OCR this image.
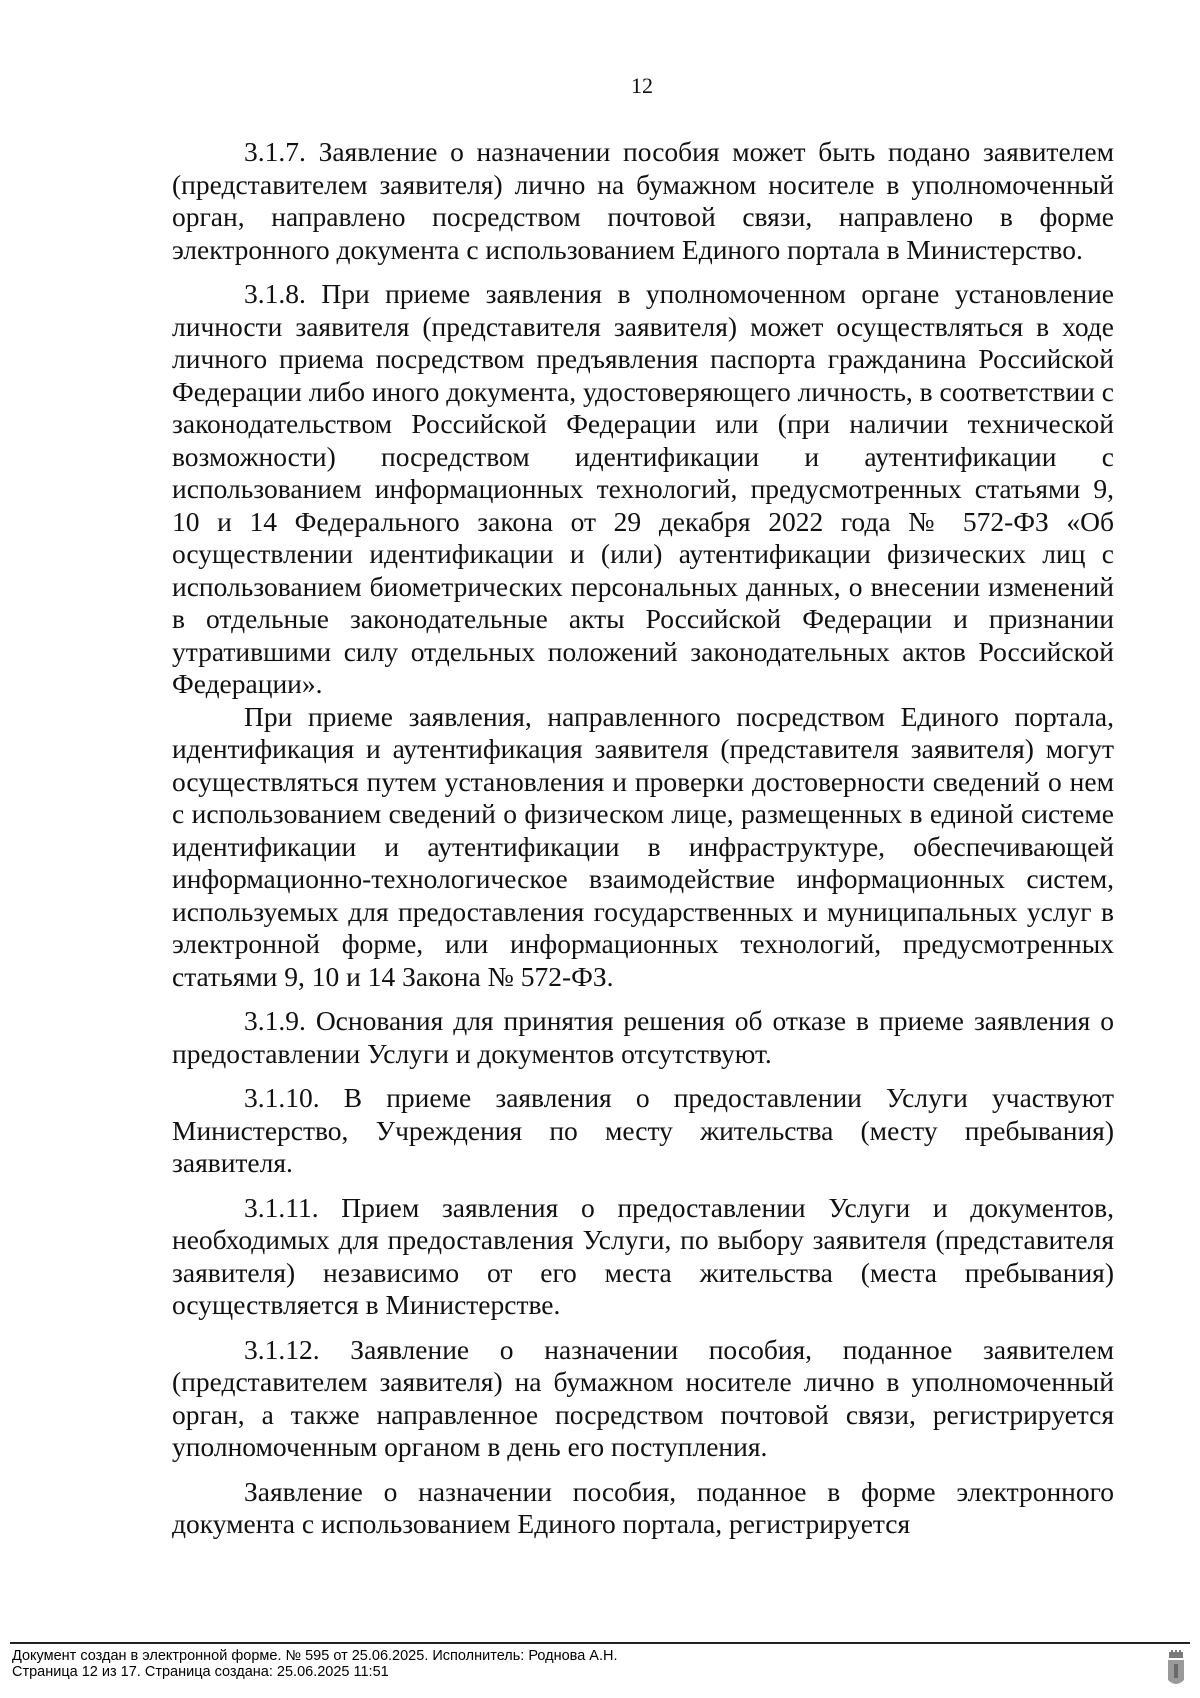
12

3.1.7. Заявление о назначении пособия может быть подано заявителем (представителем заявителя) лично на бумажном носителе в уполномоченный орган, направлено посредством почтовой связи, направлено в форме электронного документа с использованием Единого портала в Министерство.

3.1.8. При приеме заявления в уполномоченном органе установление личности заявителя (представителя заявителя) может осуществляться в ходе личного приема посредством предъявления паспорта гражданина Российской Федерации либо иного документа, удостоверяющего личность, в соответствии с законодательством Российской Федерации или (при наличии технической возможности) посредством идентификации и аутентификации с использованием информационных технологий, предусмотренных статьями 9, 10 и 14 Федерального закона от 29 декабря 2022 года № 572-ФЗ «Об осуществлении идентификации и (или) аутентификации физических лиц с использованием биометрических персональных данных, о внесении изменений в отдельные законодательные акты Российской Федерации и признании утратившими силу отдельных положений законодательных актов Российской Федерации».

При приеме заявления, направленного посредством Единого портала, идентификация и аутентификация заявителя (представителя заявителя) могут осуществляться путем установления и проверки достоверности сведений о нем с использованием сведений о физическом лице, размещенных в единой системе идентификации и аутентификации в инфраструктуре, обеспечивающей информационно-технологическое взаимодействие информационных систем, используемых для предоставления государственных и муниципальных услуг в электронной форме, или информационных технологий, предусмотренных статьями 9, 10 и 14 Закона № 572-ФЗ.

3.1.9. Основания для принятия решения об отказе в приеме заявления о предоставлении Услуги и документов отсутствуют.

3.1.10. В приеме заявления о предоставлении Услуги участвуют Министерство, Учреждения по месту жительства (месту пребывания) заявителя.

3.1.11. Прием заявления о предоставлении Услуги и документов, необходимых для предоставления Услуги, по выбору заявителя (представителя заявителя) независимо от его места жительства (места пребывания) осуществляется в Министерстве.

3.1.12. Заявление о назначении пособия, поданное заявителем (представителем заявителя) на бумажном носителе лично в уполномоченный орган, а также направленное посредством почтовой связи, регистрируется уполномоченным органом в день его поступления.

Заявление о назначении пособия, поданное в форме электронного документа с использованием Единого портала, регистрируется

Документ создан в электронной форме. № 595 от 25.06.2025. Исполнитель: Роднова А.Н.
Страница 12 из 17. Страница создана: 25.06.2025 11:51
